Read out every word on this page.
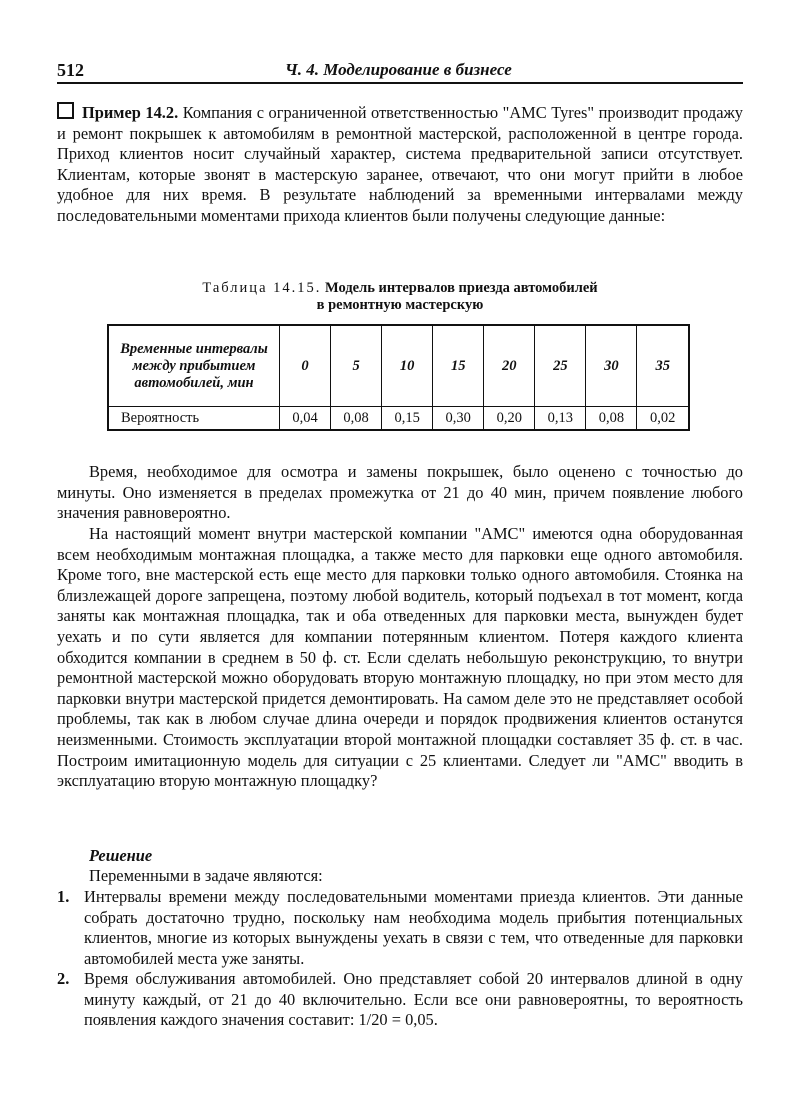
512	Ч. 4. Моделирование в бизнесе
Пример 14.2. Компания с ограниченной ответственностью "АМС Tyres" производит продажу и ремонт покрышек к автомобилям в ремонтной мастерской, расположенной в центре города. Приход клиентов носит случайный характер, система предварительной записи отсутствует. Клиентам, которые звонят в мастерскую заранее, отвечают, что они могут прийти в любое удобное для них время. В результате наблюдений за временными интервалами между последовательными моментами прихода клиентов были получены следующие данные:
Таблица 14.15. Модель интервалов приезда автомобилей
в ремонтную мастерскую
Временные интервалы между прибытием автомобилей, мин	0	5	10	15	20	25	30	35
Вероятность	0,04	0,08	0,15	0,30	0,20	0,13	0,08	0,02
Время, необходимое для осмотра и замены покрышек, было оценено с точностью до минуты. Оно изменяется в пределах промежутка от 21 до 40 мин, причем появление любого значения равновероятно.
На настоящий момент внутри мастерской компании "АМС" имеются одна оборудованная всем необходимым монтажная площадка, а также место для парковки еще одного автомобиля. Кроме того, вне мастерской есть еще место для парковки только одного автомобиля. Стоянка на близлежащей дороге запрещена, поэтому любой водитель, который подъехал в тот момент, когда заняты как монтажная площадка, так и оба отведенных для парковки места, вынужден будет уехать и по сути является для компании потерянным клиентом. Потеря каждого клиента обходится компании в среднем в 50 ф. ст. Если сделать небольшую реконструкцию, то внутри ремонтной мастерской можно оборудовать вторую монтажную площадку, но при этом место для парковки внутри мастерской придется демонтировать. На самом деле это не представляет особой проблемы, так как в любом случае длина очереди и порядок продвижения клиентов останутся неизменными. Стоимость эксплуатации второй монтажной площадки составляет 35 ф. ст. в час. Построим имитационную модель для ситуации с 25 клиентами. Следует ли "АМС" вводить в эксплуатацию вторую монтажную площадку?
Решение
Переменными в задаче являются:
1. Интервалы времени между последовательными моментами приезда клиентов. Эти данные собрать достаточно трудно, поскольку нам необходима модель прибытия потенциальных клиентов, многие из которых вынуждены уехать в связи с тем, что отведенные для парковки автомобилей места уже заняты.
2. Время обслуживания автомобилей. Оно представляет собой 20 интервалов длиной в одну минуту каждый, от 21 до 40 включительно. Если все они равновероятны, то вероятность появления каждого значения составит: 1/20 = 0,05.
